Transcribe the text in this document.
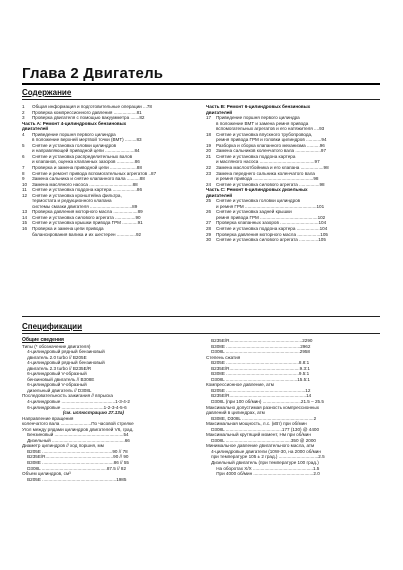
Глава 2 Двигатель
Содержание
1	Общая информация и подготовительные операции ...78
2	Проверка компрессионного давления ..................81
3	Проверка двигателя с помощью вакуумметра .......82
Часть А: Ремонт 4-цилиндровых бензиновых
двигателей
4	Приведение поршня первого цилиндра
в положение верхней мертвой точки (ВМТ) .........83
5	Снятие и установка головки цилиндров
и направляющей приводной цепи .......................84
6	Снятие и установка распределительных валов
и клапанов, оценка клапанных зазоров ..............86
7	Проверка и замена приводной цепи .....................88
8	Снятие и ремонт привода вспомогательных агрегатов ..87
9	Замена сальника и снятие клапанного вала ..........88
10	Замена масляного насоса ..................................88
11	Снятие и установка поддона картера ...................86
12	Снятие и установка кронштейна фильтра,
термостата и редукционного клапана
системы смазки двигателя .................................89
13	Проверка давления моторного масла ...................89
14	Снятие и установка силового агрегата ................90
15	Снятие и установка крышки привода ГРМ ............91
16	Проверка и замена цепи привода
балансирования валика и их шестерен ...............92
Часть В: Ремонт 6-цилиндровых бензиновых
двигателей
17	Приведение поршня первого цилиндра
в положение ВМТ и замена ремня привода
вспомогательных агрегатов и его натяжителя ....93
18	Снятие и установка впускного трубопровода,
ремня привода ГРМ и головки цилиндров ............94
19	Разборка и сборка клапанного механизма ..........96
20	Замена сальников коленчатого вала ....................97
21	Снятие и установка поддона картера
и масляного насоса ...........................................97
22	Замена маслоотбойника и его клапана ..................98
23	Замена переднего сальника коленчатого вала
и ремня привода ...............................................98
24	Снятие и установка силового агрегата ................98
Часть С: Ремонт 6-цилиндровых дизельных
двигателей
25	Снятие и установка головки цилиндров
и ремня ГРМ ........................................................101
26	Снятие и установка задней крышки
ремня привода ГРМ .............................................102
27	Проверка клапанных зазоров ..............................104
28	Снятие и установка поддона картера ..................104
29	Проверка давления моторного масла ..................105
30	Снятие и установка силового агрегата ...............105
Спецификации
Общие сведения
Типы (* обозначение двигателя)
4-цилиндровый рядный бензиновый
двигатель 2.0 turbo // B205E
4-цилиндровый рядный бензиновый
двигатель 2.3 turbo // B235E/R
6-цилиндровый V-образный
бензиновый двигатель // B308E
6-цилиндровый V-образный
дизельный двигатель // D308L
Последовательность зажигания // впрыска
4-цилиндровые ..........................................1-3-4-2
6-цилиндровые .................................1-2-3-4-5-6
(см. иллюстрацию 27.13а)
Направление вращения
коленчатого вала ........................По часовой стрелке
Угол между рядами цилиндров двигателей V6, град.
Бензиновый ......................................................54
Дизельный .........................................................66
Диаметр цилиндров // ход поршня, мм
B205E .......................................................90 // 78
B235E/R.....................................................90 // 90
B308E ........................................................86 // 55
D308L ...................................................87.5 // 82
Объем цилиндров, см³
B205E ..........................................................1985
B235E/R.........................................................2290
B308E ..........................................................2962
D308L ..........................................................2958
Степень сжатия
B205E .........................................................8.8:1
B235E/R.......................................................9.3:1
B308E .........................................................9.5:1
D308L ........................................................15.5:1
Компрессионное давление, атм
B205E ..............................................................12
B235E/R............................................................14
D308L (при 100 об/мин) ..............................21.5 – 25.5
Максимально допустимая разность компрессионных
давлений в цилиндрах, атм
B308E, D308L ........................................................2
Максимальная мощность, л.с. (кВт) при об/мин
D308L ............................................177 (130) @ 4400
Максимальный крутящий момент, Нм при об/мин
D308L ...................................................350 @ 2000
Минимальное давление двигательного масла, атм
4-цилиндровые двигатели (10W-30, на 2000 об/мин
при температуре 105 ± 2 град.) ...............................2.5
Дизельный двигатель (при температуре 100 град.)
На оборотах Х/Х ...............................................1.5
При 4000 об/мин ...............................................2.0
